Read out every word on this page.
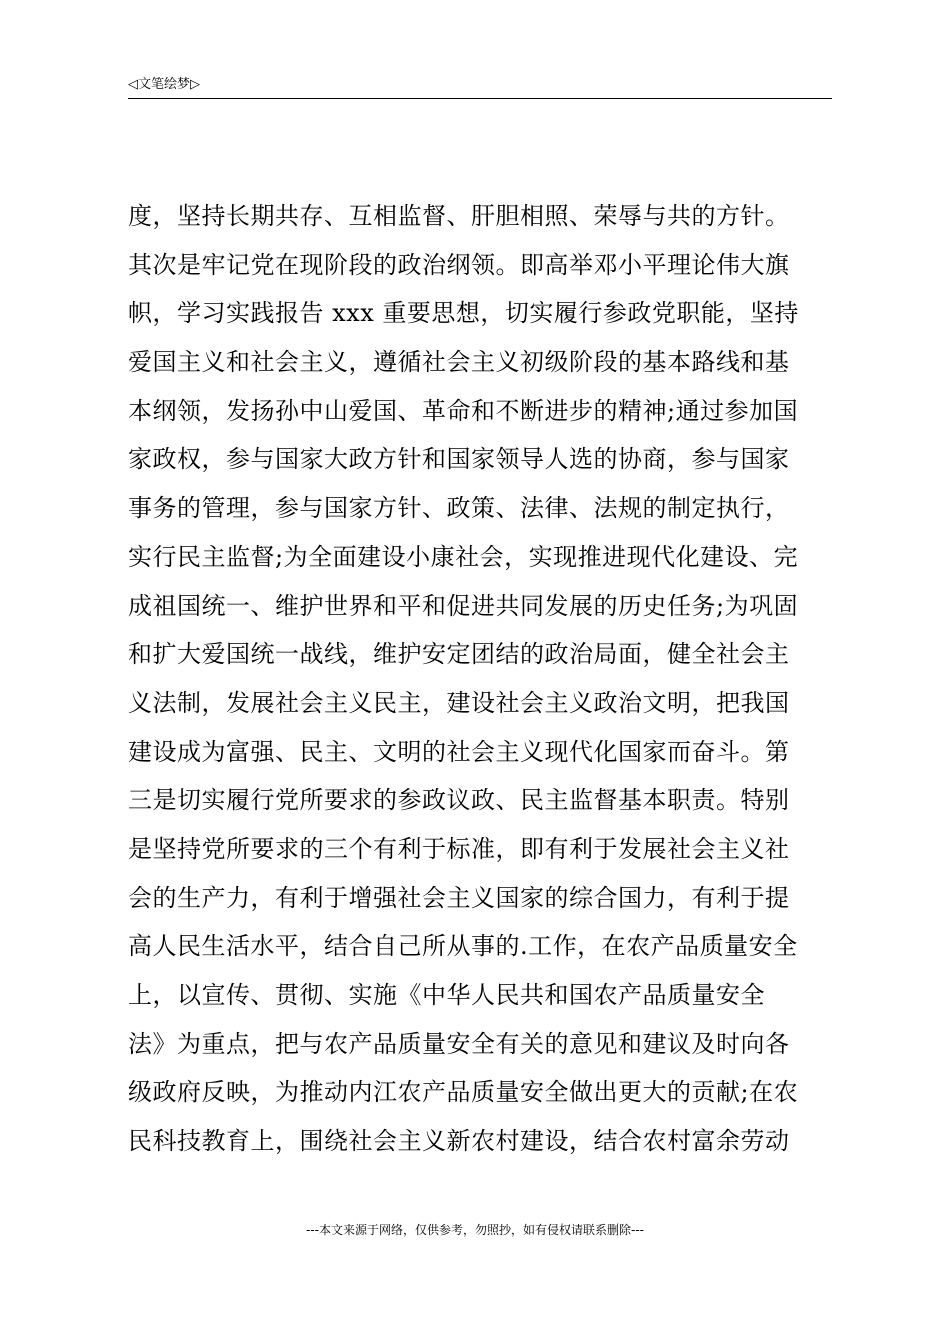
◁文笔绘梦▷
度，坚持长期共存、互相监督、肝胆相照、荣辱与共的方针。
其次是牢记党在现阶段的政治纲领。即高举邓小平理论伟大旗
帜，学习实践报告 xxx 重要思想，切实履行参政党职能，坚持
爱国主义和社会主义，遵循社会主义初级阶段的基本路线和基
本纲领，发扬孙中山爱国、革命和不断进步的精神;通过参加国
家政权，参与国家大政方针和国家领导人选的协商，参与国家
事务的管理，参与国家方针、政策、法律、法规的制定执行，
实行民主监督;为全面建设小康社会，实现推进现代化建设、完
成祖国统一、维护世界和平和促进共同发展的历史任务;为巩固
和扩大爱国统一战线，维护安定团结的政治局面，健全社会主
义法制，发展社会主义民主，建设社会主义政治文明，把我国
建设成为富强、民主、文明的社会主义现代化国家而奋斗。第
三是切实履行党所要求的参政议政、民主监督基本职责。特别
是坚持党所要求的三个有利于标准，即有利于发展社会主义社
会的生产力，有利于增强社会主义国家的综合国力，有利于提
高人民生活水平，结合自己所从事的.工作，在农产品质量安全
上，以宣传、贯彻、实施《中华人民共和国农产品质量安全
法》为重点，把与农产品质量安全有关的意见和建议及时向各
级政府反映，为推动内江农产品质量安全做出更大的贡献;在农
民科技教育上，围绕社会主义新农村建设，结合农村富余劳动
---本文来源于网络，仅供参考，勿照抄，如有侵权请联系删除---
